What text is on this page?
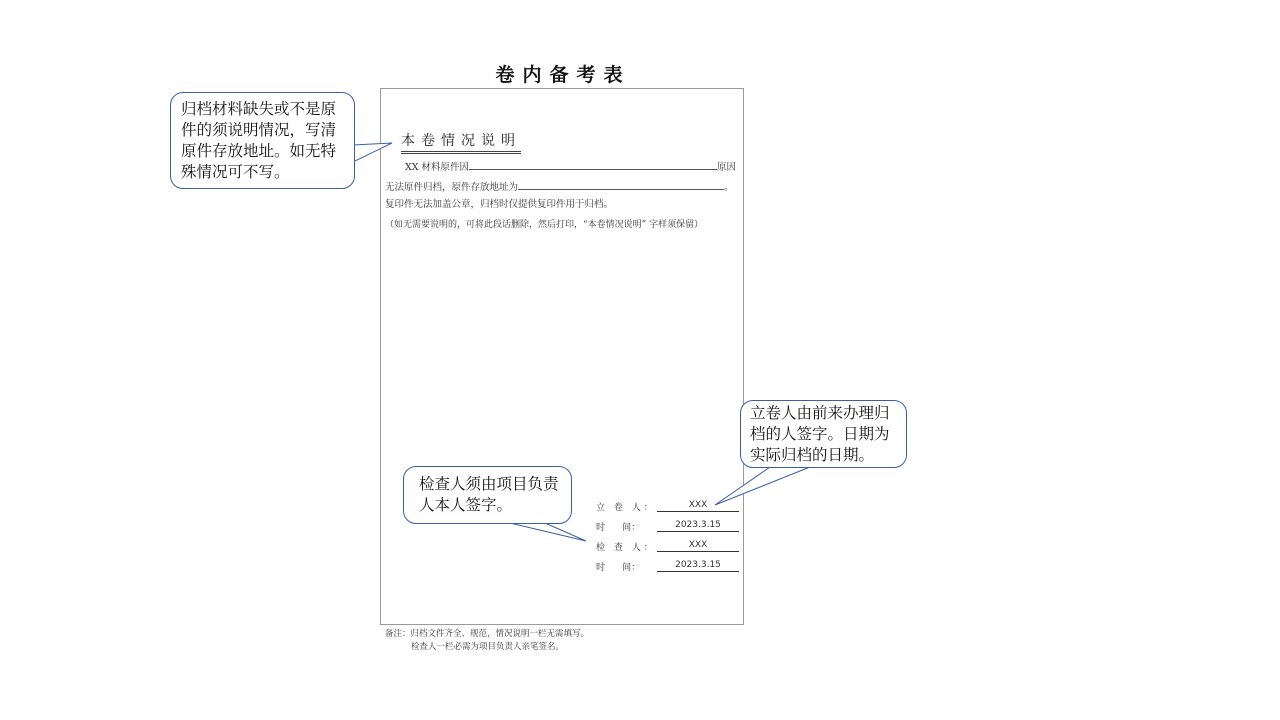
卷内备考表
本卷情况说明
XX 材料原件因	原因
无法原件归档，原件存放地址为	。
复印件无法加盖公章，归档时仅提供复印件用于归档。
（如无需要说明的，可将此段话删除，然后打印，“本卷情况说明” 字样须保留）
立 卷 人：	XXX
时      间：	2023.3.15
检 查 人：	XXX
时      间：	2023.3.15
备注：归档文件齐全、规范，情况说明一栏无需填写。
检查人一栏必需为项目负责人亲笔签名。
归档材料缺失或不是原件的须说明情况，写清原件存放地址。如无特殊情况可不写。
立卷人由前来办理归档的人签字。日期为实际归档的日期。
检查人须由项目负责人本人签字。
